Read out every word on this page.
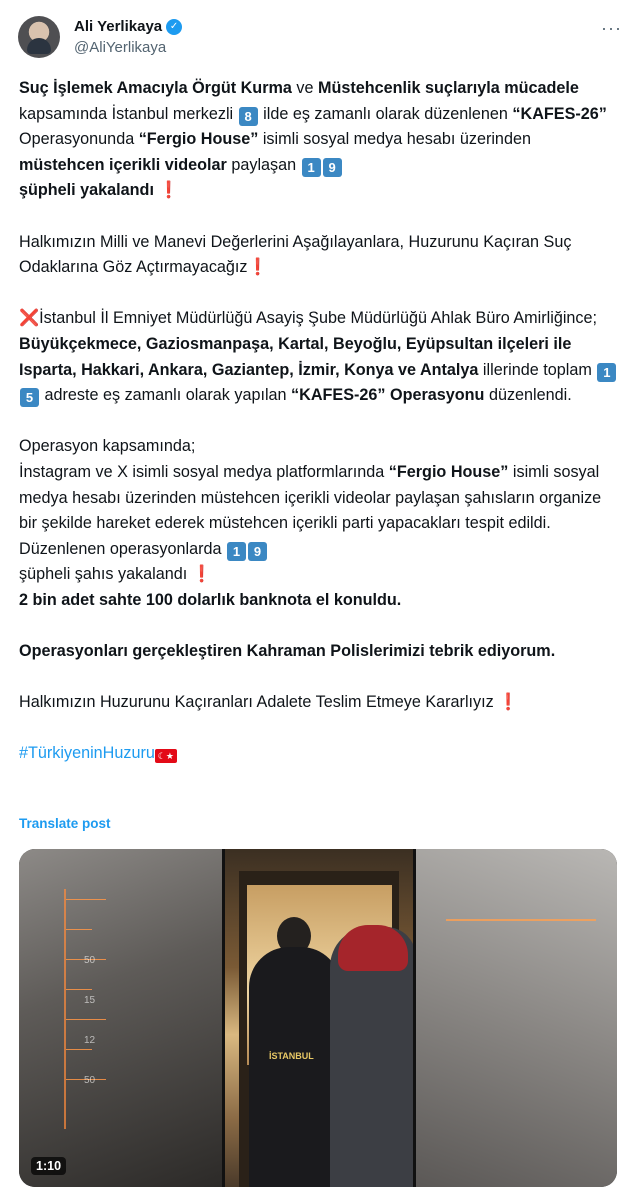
Ali Yerlikaya ✓
@AliYerlikaya
···

Suç İşlemek Amacıyla Örgüt Kurma ve Müstehcenlik suçlarıyla mücadele kapsamında İstanbul merkezli 8 ilde eş zamanlı olarak düzenlenen “KAFES-26” Operasyonunda “Fergio House” isimli sosyal medya hesabı üzerinden müstehcen içerikli videolar paylaşan 1 9
şüpheli yakalandı ❗

Halkımızın Milli ve Manevi Değerlerini Aşağılayanlara, Huzurunu Kaçıran Suç Odaklarına Göz Açtırmayacağız❗

❌İstanbul İl Emniyet Müdürlüğü Asayiş Şube Müdürlüğü Ahlak Büro Amirliğince; Büyükçekmece, Gaziosmanpaşa, Kartal, Beyoğlu, Eyüpsultan ilçeleri ile Isparta, Hakkari, Ankara, Gaziantep, İzmir, Konya ve Antalya illerinde toplam 15 adreste eş zamanlı olarak yapılan “KAFES-26” Operasyonu düzenlendi.

Operasyon kapsamında;
İnstagram ve X isimli sosyal medya platformlarında “Fergio House” isimli sosyal medya hesabı üzerinden müstehcen içerikli videolar paylaşan şahısların organize bir şekilde hareket ederek müstehcen içerikli parti yapacakları tespit edildi. Düzenlenen operasyonlarda 1 9
şüpheli şahıs yakalandı ❗
2 bin adet sahte 100 dolarlık banknota el konuldu.

Operasyonları gerçekleştiren Kahraman Polislerimizi tebrik ediyorum.

Halkımızın Huzurunu Kaçıranları Adalete Teslim Etmeye Kararlıyız ❗

#TürkiyeninHuzuru ☾★

Translate post
50
15
12
50
1:10
İSTANBUL
